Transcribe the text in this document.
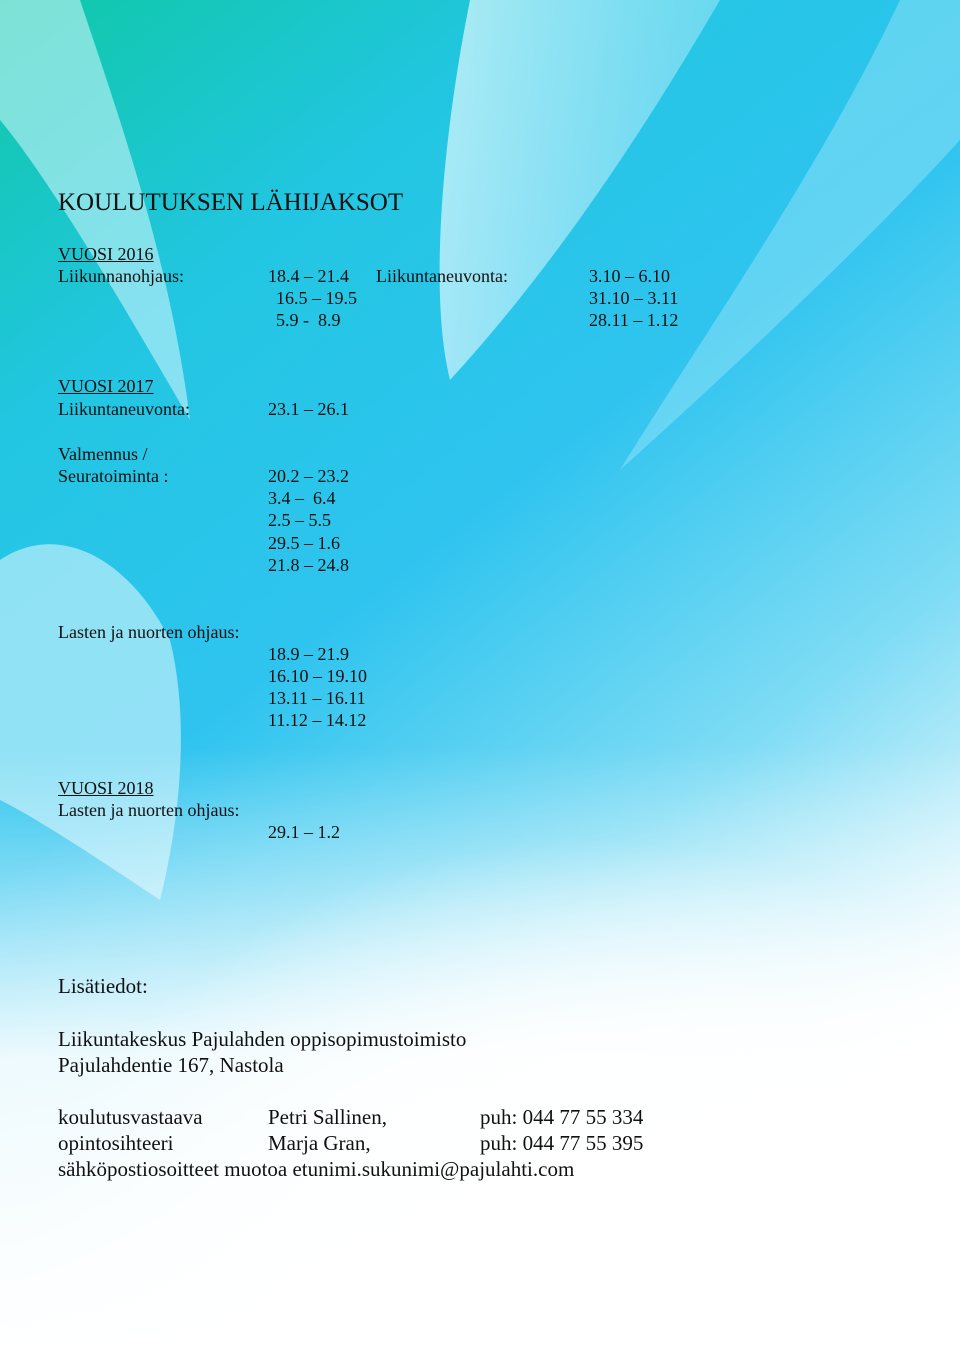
KOULUTUKSEN LÄHIJAKSOT
VUOSI 2016
Liikunnanohjaus:	18.4 – 21.4
16.5 – 19.5
5.9 -  8.9
Liikuntaneuvonta:	3.10 – 6.10
31.10 – 3.11
28.11 – 1.12
VUOSI 2017
Liikuntaneuvonta:	23.1 – 26.1
Valmennus /
Seuratoiminta :	20.2 – 23.2
3.4 –  6.4
2.5 – 5.5
29.5 – 1.6
21.8 – 24.8
Lasten ja nuorten ohjaus:
18.9 – 21.9
16.10 – 19.10
13.11 – 16.11
11.12 – 14.12
VUOSI 2018
Lasten ja nuorten ohjaus:
29.1 – 1.2
Lisätiedot:
Liikuntakeskus Pajulahden oppisopimustoimisto
Pajulahdentie 167, Nastola
koulutusvastaava	Petri Sallinen,	puh: 044 77 55 334
opintosihteeri	Marja Gran,	puh: 044 77 55 395
sähköpostiosoitteet muotoa etunimi.sukunimi@pajulahti.com
